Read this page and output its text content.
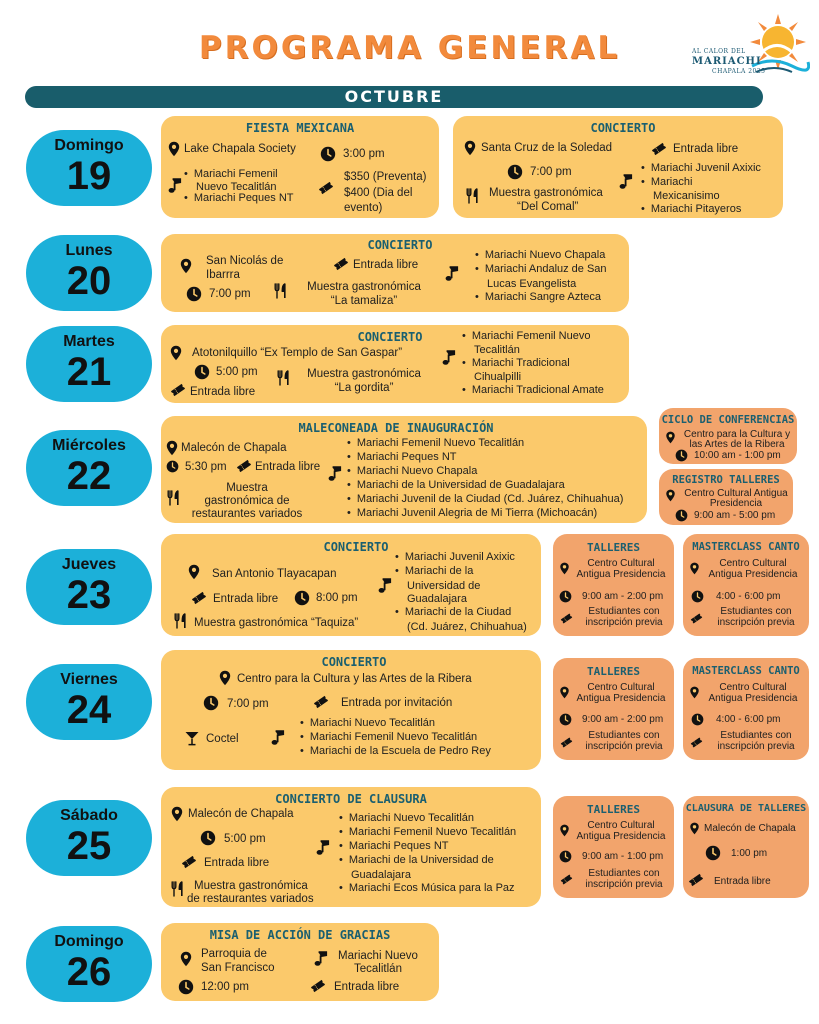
PROGRAMA GENERAL	AL CALOR DEL
MARIACHI
CHAPALA 2025
OCTUBRE
Domingo
19
FIESTA MEXICANA
Lake Chapala Society	3:00 pm
• Mariachi Femenil
Nuevo Tecalitlán
• Mariachi Peques NT
$350 (Preventa)
$400 (Dia del
evento)
CONCIERTO
Santa Cruz de la Soledad	Entrada libre
7:00 pm
Muestra gastronómica
“Del Comal”
• Mariachi Juvenil Axixic
• Mariachi
Mexicanisimo
• Mariachi Pitayeros
Lunes
20
CONCIERTO
San Nicolás de
Ibarrra
Entrada libre
7:00 pm
Muestra gastronómica
“La tamaliza”
• Mariachi Nuevo Chapala
• Mariachi Andaluz de San
Lucas Evangelista
• Mariachi Sangre Azteca
Martes
21
CONCIERTO
Atotonilquillo “Ex Templo de San Gaspar”
5:00 pm
Entrada libre
Muestra gastronómica
“La gordita”
• Mariachi Femenil Nuevo
Tecalitlán
• Mariachi Tradicional
Cihualpilli
• Mariachi Tradicional Amate
Miércoles
22
MALECONEADA DE INAUGURACIÓN
Malecón de Chapala
5:30 pm Entrada libre
Muestra
gastronómica de
restaurantes variados
• Mariachi Femenil Nuevo Tecalitlán
• Mariachi Peques NT
• Mariachi Nuevo Chapala
• Mariachi de la Universidad de Guadalajara
• Mariachi Juvenil de la Ciudad (Cd. Juárez, Chihuahua)
• Mariachi Juvenil Alegria de Mi Tierra (Michoacán)
CICLO DE CONFERENCIAS
Centro para la Cultura y
las Artes de la Ribera
10:00 am - 1:00 pm
REGISTRO TALLERES
Centro Cultural Antigua
Presidencia
9:00 am - 5:00 pm
Jueves
23
CONCIERTO
San Antonio Tlayacapan
Entrada libre	8:00 pm
Muestra gastronómica “Taquiza”
• Mariachi Juvenil Axixic
• Mariachi de la
Universidad de
Guadalajara
• Mariachi de la Ciudad
(Cd. Juárez, Chihuahua)
TALLERES
Centro Cultural
Antigua Presidencia
9:00 am - 2:00 pm
Estudiantes con
inscripción previa
MASTERCLASS CANTO
Centro Cultural
Antigua Presidencia
4:00 - 6:00 pm
Estudiantes con
inscripción previa
Viernes
24
CONCIERTO
Centro para la Cultura y las Artes de la Ribera
7:00 pm	Entrada por invitación
Coctel
• Mariachi Nuevo Tecalitlán
• Mariachi Femenil Nuevo Tecalitlán
• Mariachi de la Escuela de Pedro Rey
TALLERES
Centro Cultural
Antigua Presidencia
9:00 am - 2:00 pm
Estudiantes con
inscripción previa
MASTERCLASS CANTO
Centro Cultural
Antigua Presidencia
4:00 - 6:00 pm
Estudiantes con
inscripción previa
Sábado
25
CONCIERTO DE CLAUSURA
Malecón de Chapala
5:00 pm
Entrada libre
Muestra gastronómica
de restaurantes variados
• Mariachi Nuevo Tecalitlán
• Mariachi Femenil Nuevo Tecalitlán
• Mariachi Peques NT
• Mariachi de la Universidad de
Guadalajara
• Mariachi Ecos Música para la Paz
TALLERES
Centro Cultural
Antigua Presidencia
9:00 am - 1:00 pm
Estudiantes con
inscripción previa
CLAUSURA DE TALLERES
Malecón de Chapala
1:00 pm
Entrada libre
Domingo
26
MISA DE ACCIÓN DE GRACIAS
Parroquia de
San Francisco
Mariachi Nuevo
Tecalitlán
12:00 pm	Entrada libre
